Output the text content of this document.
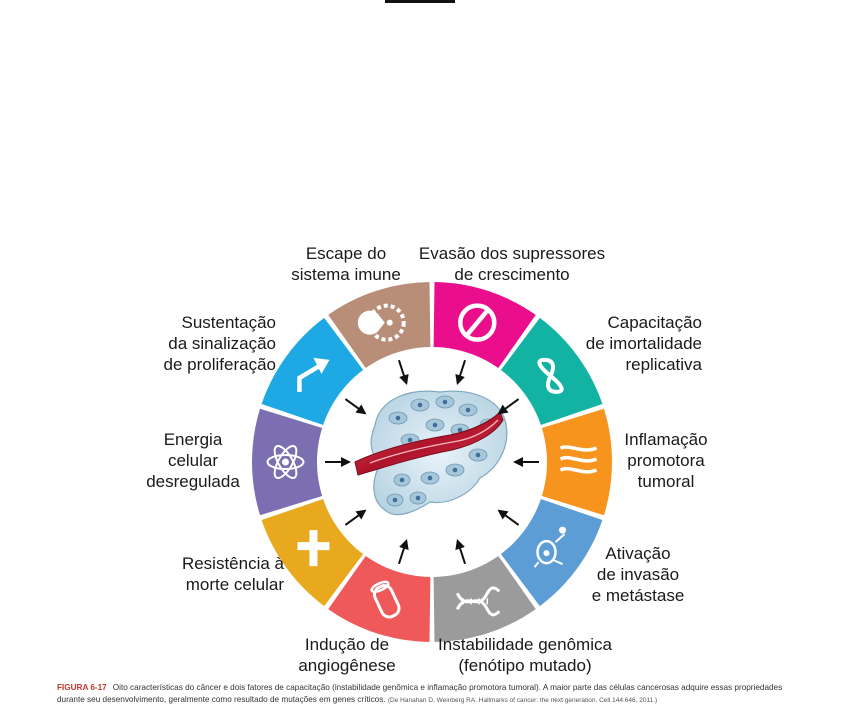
Escape do
sistema imune
Evasão dos supressores
de crescimento
Capacitação
de imortalidade
replicativa
Inflamação
promotora
tumoral
Ativação
de invasão
e metástase
Instabilidade genômica
(fenótipo mutado)
Indução de
angiogênese
Resistência à
morte celular
Energia
celular
desregulada
Sustentação
da sinalização
de proliferação
FIGURA 6-17 Oito características do câncer e dois fatores de capacitação (instabilidade genômica e inflamação promotora tumoral). A maior parte das células cancerosas adquire essas propriedades
durante seu desenvolvimento, geralmente como resultado de mutações em genes críticos. (De Hanahan D, Weinberg RA: Hallmarks of cancer: the next generation. Cell 144:646, 2011.)
